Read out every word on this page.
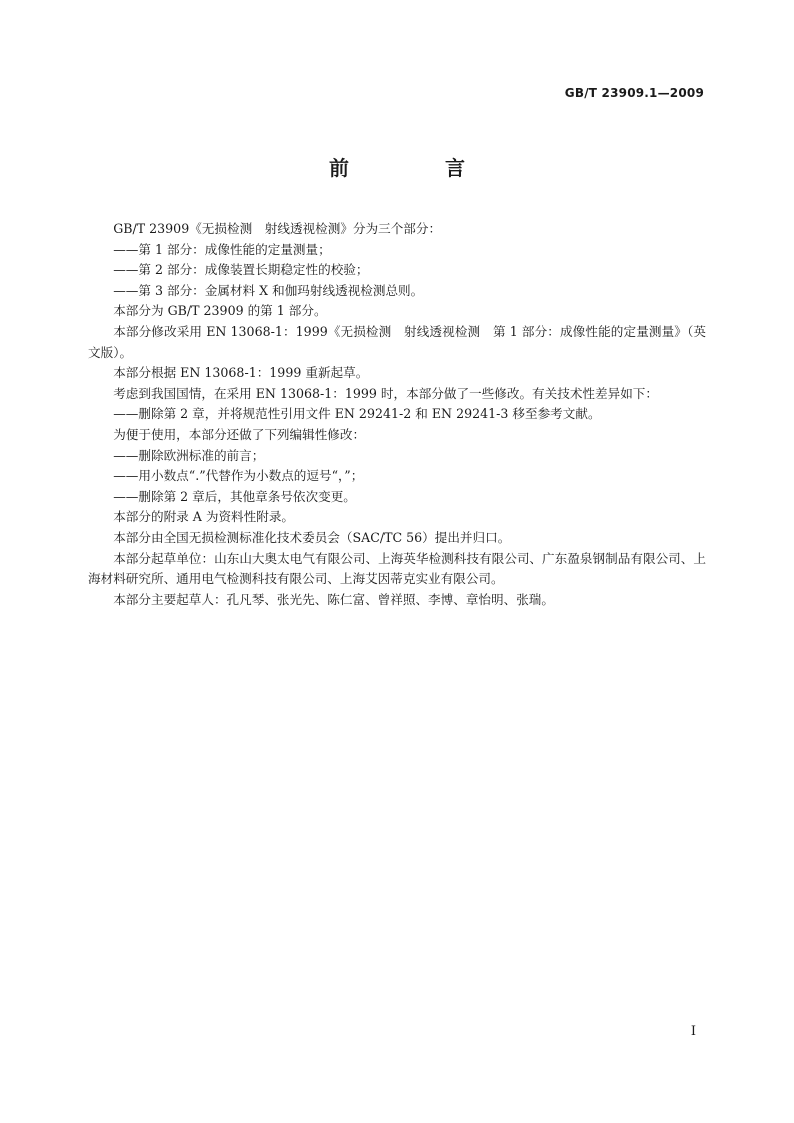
GB/T 23909.1—2009
前　言

GB/T 23909《无损检测　射线透视检测》分为三个部分：

——第 1 部分：成像性能的定量测量；

——第 2 部分：成像装置长期稳定性的校验；

——第 3 部分：金属材料 X 和伽玛射线透视检测总则。

本部分为 GB/T 23909 的第 1 部分。

本部分修改采用 EN 13068-1：1999《无损检测　射线透视检测　第 1 部分：成像性能的定量测量》（英文版）。

本部分根据 EN 13068-1：1999 重新起草。

考虑到我国国情，在采用 EN 13068-1：1999 时，本部分做了一些修改。有关技术性差异如下：

——删除第 2 章，并将规范性引用文件 EN 29241-2 和 EN 29241-3 移至参考文献。

为便于使用，本部分还做了下列编辑性修改：

——删除欧洲标准的前言；

——用小数点“.”代替作为小数点的逗号“，”；

——删除第 2 章后，其他章条号依次变更。

本部分的附录 A 为资料性附录。

本部分由全国无损检测标准化技术委员会（SAC/TC 56）提出并归口。

本部分起草单位：山东山大奥太电气有限公司、上海英华检测科技有限公司、广东盈泉钢制品有限公司、上海材料研究所、通用电气检测科技有限公司、上海艾因蒂克实业有限公司。

本部分主要起草人：孔凡琴、张光先、陈仁富、曾祥照、李博、章怡明、张瑞。

I
